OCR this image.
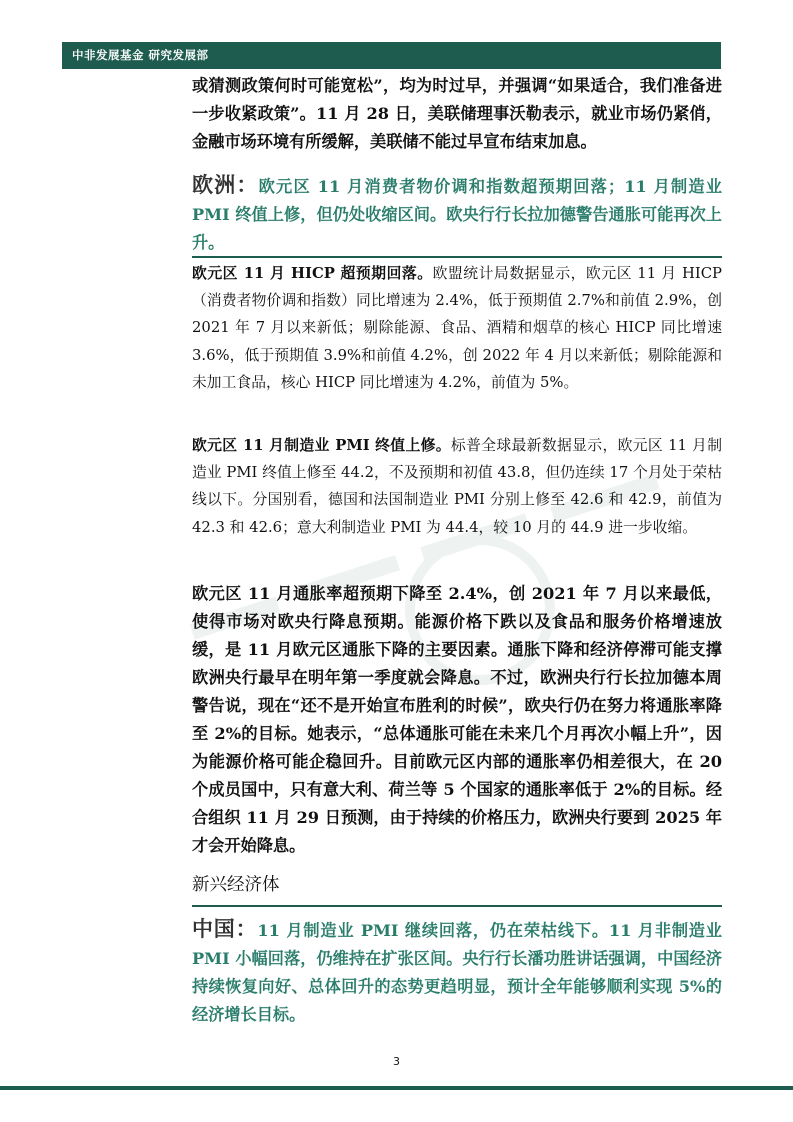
中非发展基金 研究发展部

或猜测政策何时可能宽松”，均为时过早，并强调“如果适合，我们准备进一步收紧政策”。11 月 28 日，美联储理事沃勒表示，就业市场仍紧俏，金融市场环境有所缓解，美联储不能过早宣布结束加息。

欧洲：欧元区 11 月消费者物价调和指数超预期回落；11 月制造业 PMI 终值上修，但仍处收缩区间。欧央行行长拉加德警告通胀可能再次上升。

欧元区 11 月 HICP 超预期回落。欧盟统计局数据显示，欧元区 11 月 HICP（消费者物价调和指数）同比增速为 2.4%，低于预期值 2.7%和前值 2.9%，创 2021 年 7 月以来新低；剔除能源、食品、酒精和烟草的核心 HICP 同比增速 3.6%，低于预期值 3.9%和前值 4.2%，创 2022 年 4 月以来新低；剔除能源和未加工食品，核心 HICP 同比增速为 4.2%，前值为 5%。

欧元区 11 月制造业 PMI 终值上修。标普全球最新数据显示，欧元区 11 月制造业 PMI 终值上修至 44.2，不及预期和初值 43.8，但仍连续 17 个月处于荣枯线以下。分国别看，德国和法国制造业 PMI 分别上修至 42.6 和 42.9，前值为 42.3 和 42.6；意大利制造业 PMI 为 44.4，较 10 月的 44.9 进一步收缩。

欧元区 11 月通胀率超预期下降至 2.4%，创 2021 年 7 月以来最低，使得市场对欧央行降息预期。能源价格下跌以及食品和服务价格增速放缓，是 11 月欧元区通胀下降的主要因素。通胀下降和经济停滞可能支撑欧洲央行最早在明年第一季度就会降息。不过，欧洲央行行长拉加德本周警告说，现在“还不是开始宣布胜利的时候”，欧央行仍在努力将通胀率降至 2%的目标。她表示，“总体通胀可能在未来几个月再次小幅上升”，因为能源价格可能企稳回升。目前欧元区内部的通胀率仍相差很大，在 20 个成员国中，只有意大利、荷兰等 5 个国家的通胀率低于 2%的目标。经合组织 11 月 29 日预测，由于持续的价格压力，欧洲央行要到 2025 年才会开始降息。

新兴经济体

中国：11 月制造业 PMI 继续回落，仍在荣枯线下。11 月非制造业 PMI 小幅回落，仍维持在扩张区间。央行行长潘功胜讲话强调，中国经济持续恢复向好、总体回升的态势更趋明显，预计全年能够顺利实现 5%的经济增长目标。

3
